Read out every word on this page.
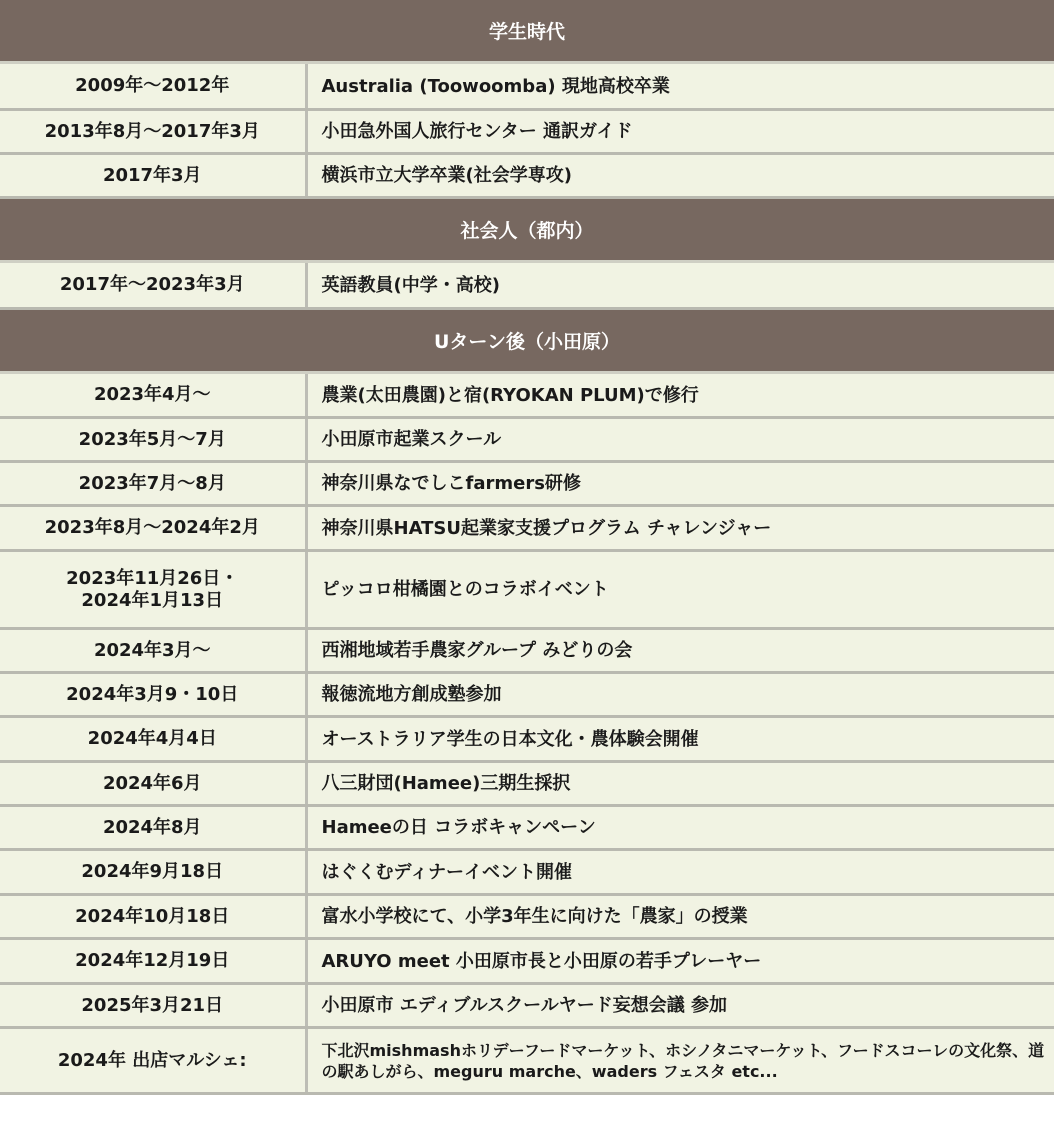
学生時代	
2009年〜2012年	Australia (Toowoomba) 現地高校卒業
2013年8月〜2017年3月	小田急外国人旅行センター 通訳ガイド
2017年3月	横浜市立大学卒業(社会学専攻)
社会人（都内）	
2017年〜2023年3月	英語教員(中学・高校)
Uターン後（小田原）	
2023年4月〜	農業(太田農園)と宿(RYOKAN PLUM)で修行
2023年5月〜7月	小田原市起業スクール
2023年7月〜8月	神奈川県なでしこfarmers研修
2023年8月〜2024年2月	神奈川県HATSU起業家支援プログラム チャレンジャー
2023年11月26日・
2024年1月13日	ピッコロ柑橘園とのコラボイベント
2024年3月〜	西湘地域若手農家グループ みどりの会
2024年3月9・10日	報徳流地方創成塾参加
2024年4月4日	オーストラリア学生の日本文化・農体験会開催
2024年6月	八三財団(Hamee)三期生採択
2024年8月	Hameeの日 コラボキャンペーン
2024年9月18日	はぐくむディナーイベント開催
2024年10月18日	富水小学校にて、小学3年生に向けた「農家」の授業
2024年12月19日	ARUYO meet 小田原市長と小田原の若手プレーヤー
2025年3月21日	小田原市 エディブルスクールヤード妄想会議 参加
2024年 出店マルシェ:	下北沢mishmashホリデーフードマーケット、ホシノタニマーケット、フードスコーレの文化祭、道の駅あしがら、meguru marche、waders フェスタ etc...
